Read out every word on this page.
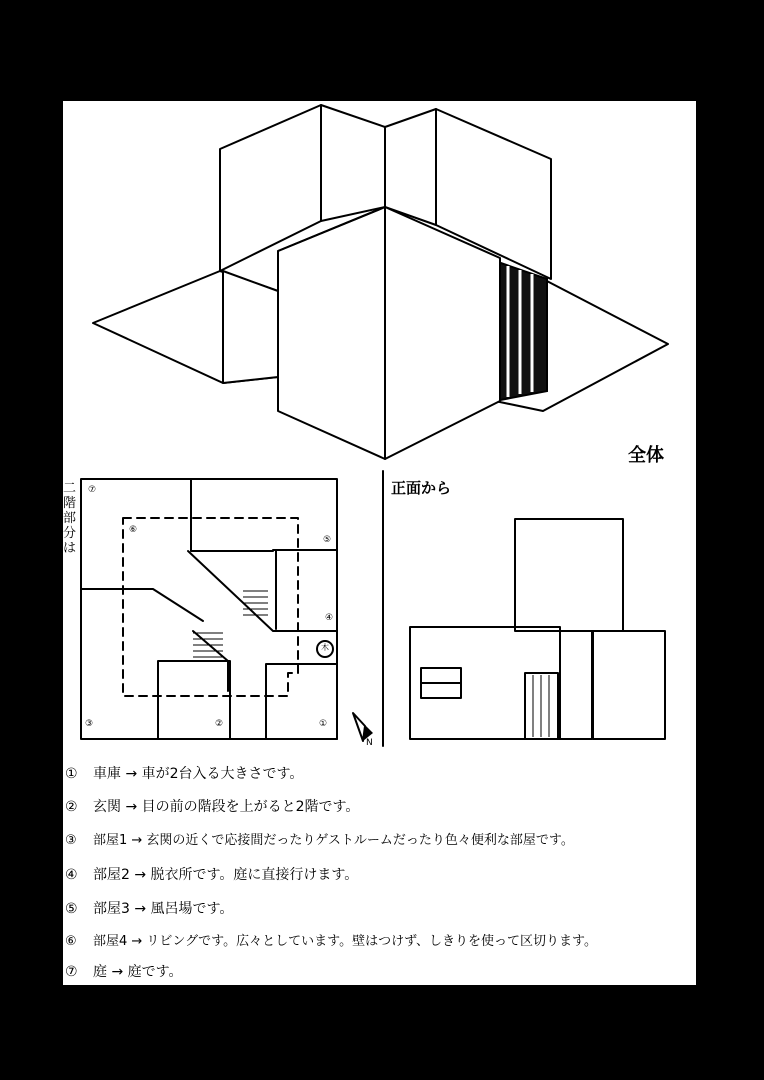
全体
正面から
二階部分は
N
⑦
⑥
⑤
④
③	②	①
木
① 車庫 → 車が2台入る大きさです。
② 玄関 → 目の前の階段を上がると2階です。
③ 部屋1 → 玄関の近くで応接間だったりゲストルームだったり色々便利な部屋です。
④ 部屋2 → 脱衣所です。庭に直接行けます。
⑤ 部屋3 → 風呂場です。
⑥ 部屋4 → リビングです。広々としています。壁はつけず、しきりを使って区切ります。
⑦ 庭 → 庭です。
